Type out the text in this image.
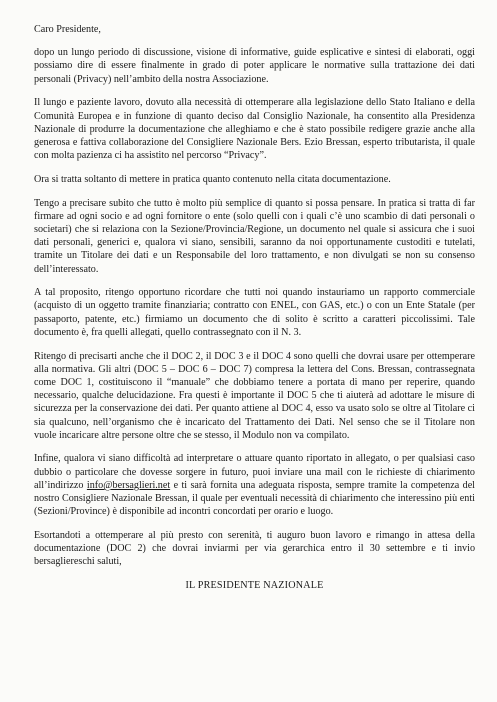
Caro Presidente,

dopo un lungo periodo di discussione, visione di informative, guide esplicative e sintesi di elaborati, oggi possiamo dire di essere finalmente in grado di poter applicare le normative sulla trattazione dei dati personali (Privacy) nell’ambito della nostra Associazione.

Il lungo e paziente lavoro, dovuto alla necessità di ottemperare alla legislazione dello Stato Italiano e della Comunità Europea e in funzione di quanto deciso dal Consiglio Nazionale, ha consentito alla Presidenza Nazionale di produrre la documentazione che alleghiamo e che è stato possibile redigere grazie anche alla generosa e fattiva collaborazione del Consigliere Nazionale Bers. Ezio Bressan, esperto tributarista, il quale con molta pazienza ci ha assistito nel percorso “Privacy”.

Ora si tratta soltanto di mettere in pratica quanto contenuto nella citata documentazione.

Tengo a precisare subito che tutto è molto più semplice di quanto si possa pensare. In pratica si tratta di far firmare ad ogni socio e ad ogni fornitore o ente (solo quelli con i quali c’è uno scambio di dati personali o societari) che si relaziona con la Sezione/Provincia/Regione, un documento nel quale si assicura che i suoi dati personali, generici e, qualora vi siano, sensibili, saranno da noi opportunamente custoditi e tutelati, tramite un Titolare dei dati e un Responsabile del loro trattamento, e non divulgati se non su consenso dell’interessato.

A tal proposito, ritengo opportuno ricordare che tutti noi quando instauriamo un rapporto commerciale (acquisto di un oggetto tramite finanziaria; contratto con ENEL, con GAS, etc.) o con un Ente Statale (per passaporto, patente, etc.) firmiamo un documento che di solito è scritto a caratteri piccolissimi. Tale documento è, fra quelli allegati, quello contrassegnato con il N. 3.

Ritengo di precisarti anche che il DOC 2, il DOC 3 e il DOC 4 sono quelli che dovrai usare per ottemperare alla normativa. Gli altri (DOC 5 – DOC 6 – DOC 7) compresa la lettera del Cons. Bressan, contrassegnata come DOC 1, costituiscono il “manuale” che dobbiamo tenere a portata di mano per reperire, quando necessario, qualche delucidazione. Fra questi è importante il DOC 5 che ti aiuterà ad adottare le misure di sicurezza per la conservazione dei dati. Per quanto attiene al DOC 4, esso va usato solo se oltre al Titolare ci sia qualcuno, nell’organismo che è incaricato del Trattamento dei Dati. Nel senso che se il Titolare non vuole incaricare altre persone oltre che se stesso, il Modulo non va compilato.

Infine, qualora vi siano difficoltà ad interpretare o attuare quanto riportato in allegato, o per qualsiasi caso dubbio o particolare che dovesse sorgere in futuro, puoi inviare una mail con le richieste di chiarimento all’indirizzo info@bersaglieri.net e ti sarà fornita una adeguata risposta, sempre tramite la competenza del nostro Consigliere Nazionale Bressan, il quale per eventuali necessità di chiarimento che interessino più enti (Sezioni/Province) è disponibile ad incontri concordati per orario e luogo.

Esortandoti a ottemperare al più presto con serenità, ti auguro buon lavoro e rimango in attesa della documentazione (DOC 2) che dovrai inviarmi per via gerarchica entro il 30 settembre e ti invio bersagliereschi saluti,

IL PRESIDENTE NAZIONALE
